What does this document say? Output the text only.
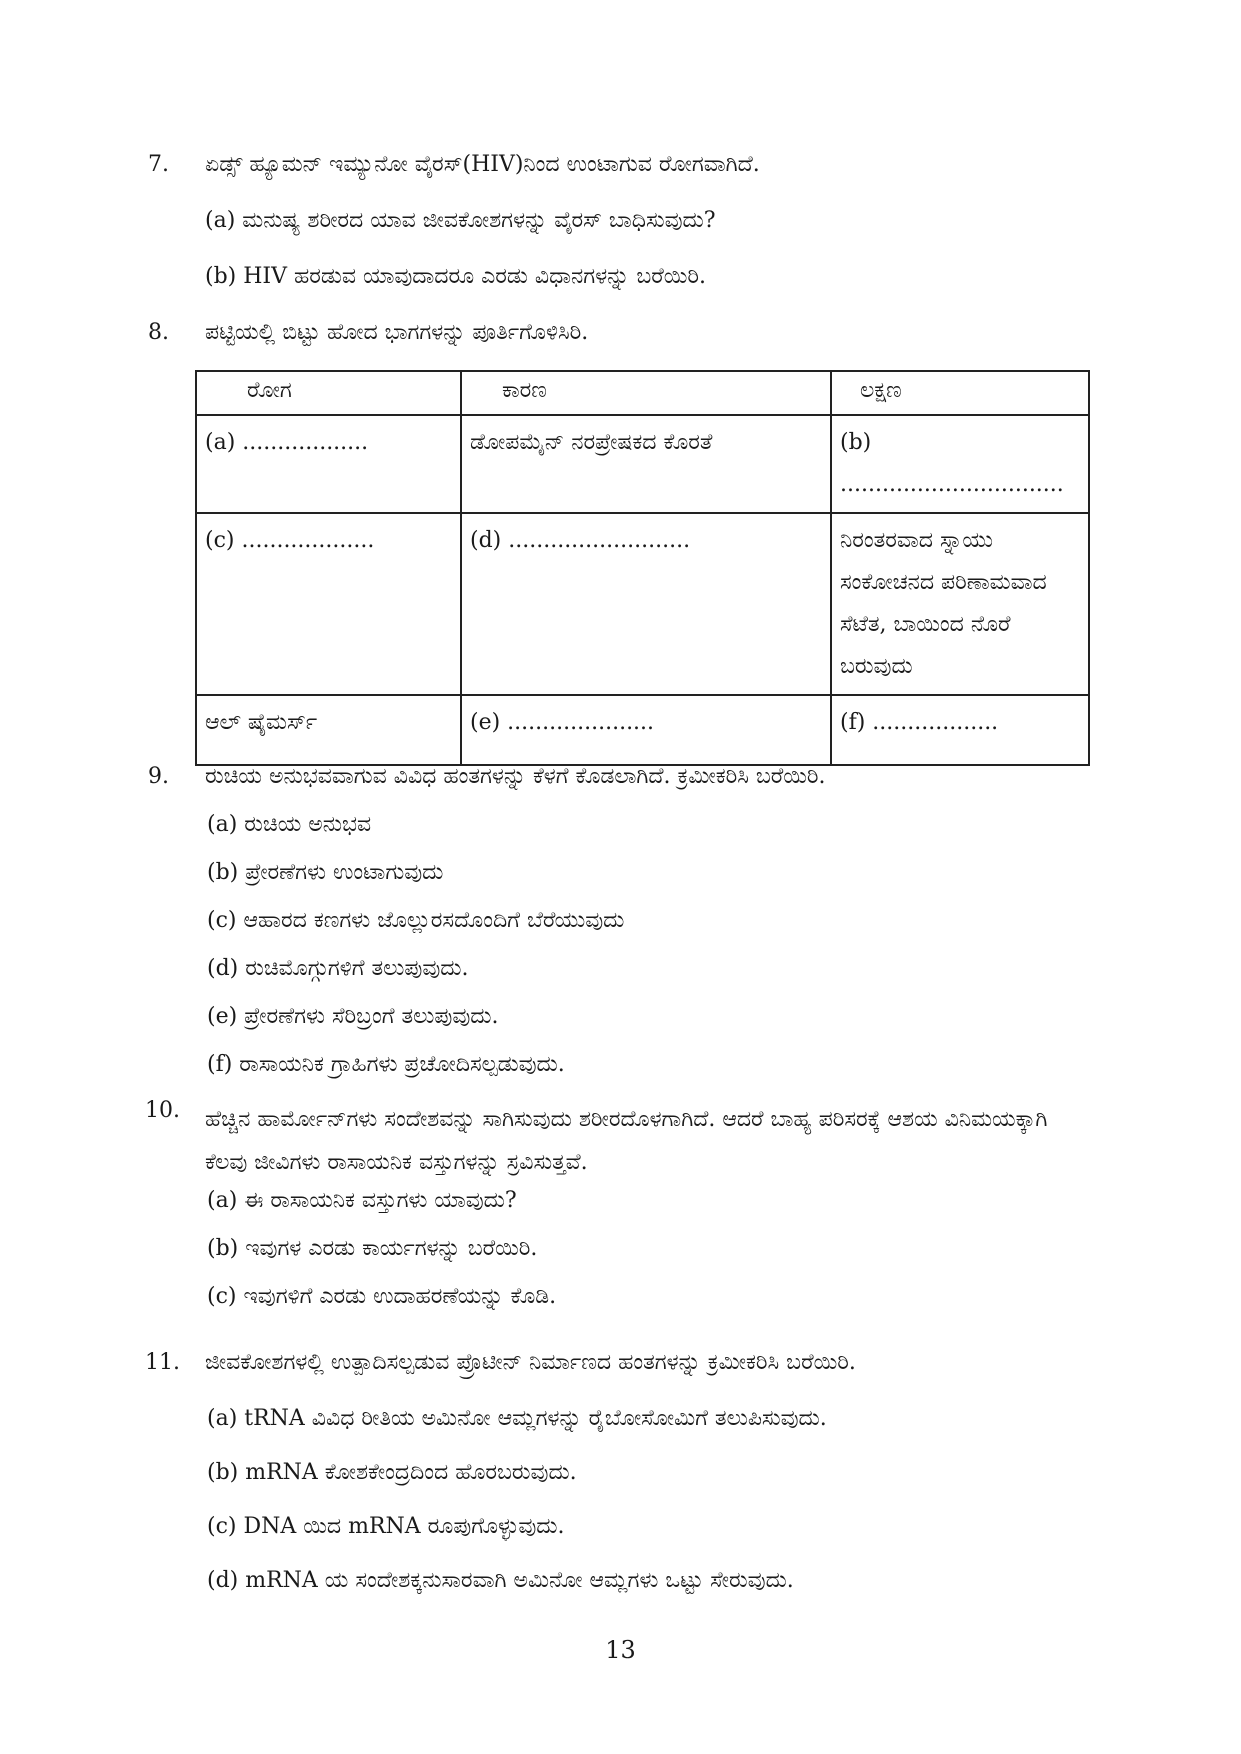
7.	ಏಡ್ಸ್ ಹ್ಯೂಮನ್ ಇಮ್ಯುನೋ ವೈರಸ್(HIV)ನಿಂದ ಉಂಟಾಗುವ ರೋಗವಾಗಿದೆ.
(a) ಮನುಷ್ಯ ಶರೀರದ ಯಾವ ಜೀವಕೋಶಗಳನ್ನು ವೈರಸ್ ಬಾಧಿಸುವುದು?
(b) HIV ಹರಡುವ ಯಾವುದಾದರೂ ಎರಡು ವಿಧಾನಗಳನ್ನು ಬರೆಯಿರಿ.
8.	ಪಟ್ಟಿಯಲ್ಲಿ ಬಿಟ್ಟು ಹೋದ ಭಾಗಗಳನ್ನು ಪೂರ್ತಿಗೊಳಿಸಿರಿ.
ರೋಗ	ಕಾರಣ	ಲಕ್ಷಣ
(a) ..................	ಡೋಪಮೈನ್ ನರಪ್ರೇಷಕದ ಕೊರತೆ	(b) ................................
(c) ...................	(d) ..........................	ನಿರಂತರವಾದ ಸ್ನಾಯು ಸಂಕೋಚನದ ಪರಿಣಾಮವಾದ ಸೆಟೆತ, ಬಾಯಿಂದ ನೊರೆ ಬರುವುದು
ಆಲ್ ಷೈಮರ್ಸ್	(e) .....................	(f) ..................
9.	ರುಚಿಯ ಅನುಭವವಾಗುವ ವಿವಿಧ ಹಂತಗಳನ್ನು ಕೆಳಗೆ ಕೊಡಲಾಗಿದೆ. ಕ್ರಮೀಕರಿಸಿ ಬರೆಯಿರಿ.
(a) ರುಚಿಯ ಅನುಭವ
(b) ಪ್ರೇರಣೆಗಳು ಉಂಟಾಗುವುದು
(c) ಆಹಾರದ ಕಣಗಳು ಜೊಲ್ಲುರಸದೊಂದಿಗೆ ಬೆರೆಯುವುದು
(d) ರುಚಿಮೊಗ್ಗುಗಳಿಗೆ ತಲುಪುವುದು.
(e) ಪ್ರೇರಣೆಗಳು ಸೆರಿಬ್ರಂಗೆ ತಲುಪುವುದು.
(f) ರಾಸಾಯನಿಕ ಗ್ರಾಹಿಗಳು ಪ್ರಚೋದಿಸಲ್ಪಡುವುದು.
10.	ಹೆಚ್ಚಿನ ಹಾರ್ಮೋನ್‌ಗಳು ಸಂದೇಶವನ್ನು ಸಾಗಿಸುವುದು ಶರೀರದೊಳಗಾಗಿದೆ. ಆದರೆ ಬಾಹ್ಯ ಪರಿಸರಕ್ಕೆ ಆಶಯ ವಿನಿಮಯಕ್ಕಾಗಿ ಕೆಲವು ಜೀವಿಗಳು ರಾಸಾಯನಿಕ ವಸ್ತುಗಳನ್ನು ಸ್ರವಿಸುತ್ತವೆ.
(a) ಈ ರಾಸಾಯನಿಕ ವಸ್ತುಗಳು ಯಾವುದು?
(b) ಇವುಗಳ ಎರಡು ಕಾರ್ಯಗಳನ್ನು ಬರೆಯಿರಿ.
(c) ಇವುಗಳಿಗೆ ಎರಡು ಉದಾಹರಣೆಯನ್ನು ಕೊಡಿ.
11.	ಜೀವಕೋಶಗಳಲ್ಲಿ ಉತ್ಪಾದಿಸಲ್ಪಡುವ ಪ್ರೊಟೀನ್ ನಿರ್ಮಾಣದ ಹಂತಗಳನ್ನು ಕ್ರಮೀಕರಿಸಿ ಬರೆಯಿರಿ.
(a) tRNA ವಿವಿಧ ರೀತಿಯ ಅಮಿನೋ ಆಮ್ಲಗಳನ್ನು ರೈಬೋಸೋಮಿಗೆ ತಲುಪಿಸುವುದು.
(b) mRNA ಕೋಶಕೇಂದ್ರದಿಂದ ಹೊರಬರುವುದು.
(c) DNA ಯಿದ mRNA ರೂಪುಗೊಳ್ಳುವುದು.
(d) mRNA ಯ ಸಂದೇಶಕ್ಕನುಸಾರವಾಗಿ ಅಮಿನೋ ಆಮ್ಲಗಳು ಒಟ್ಟು ಸೇರುವುದು.
13
